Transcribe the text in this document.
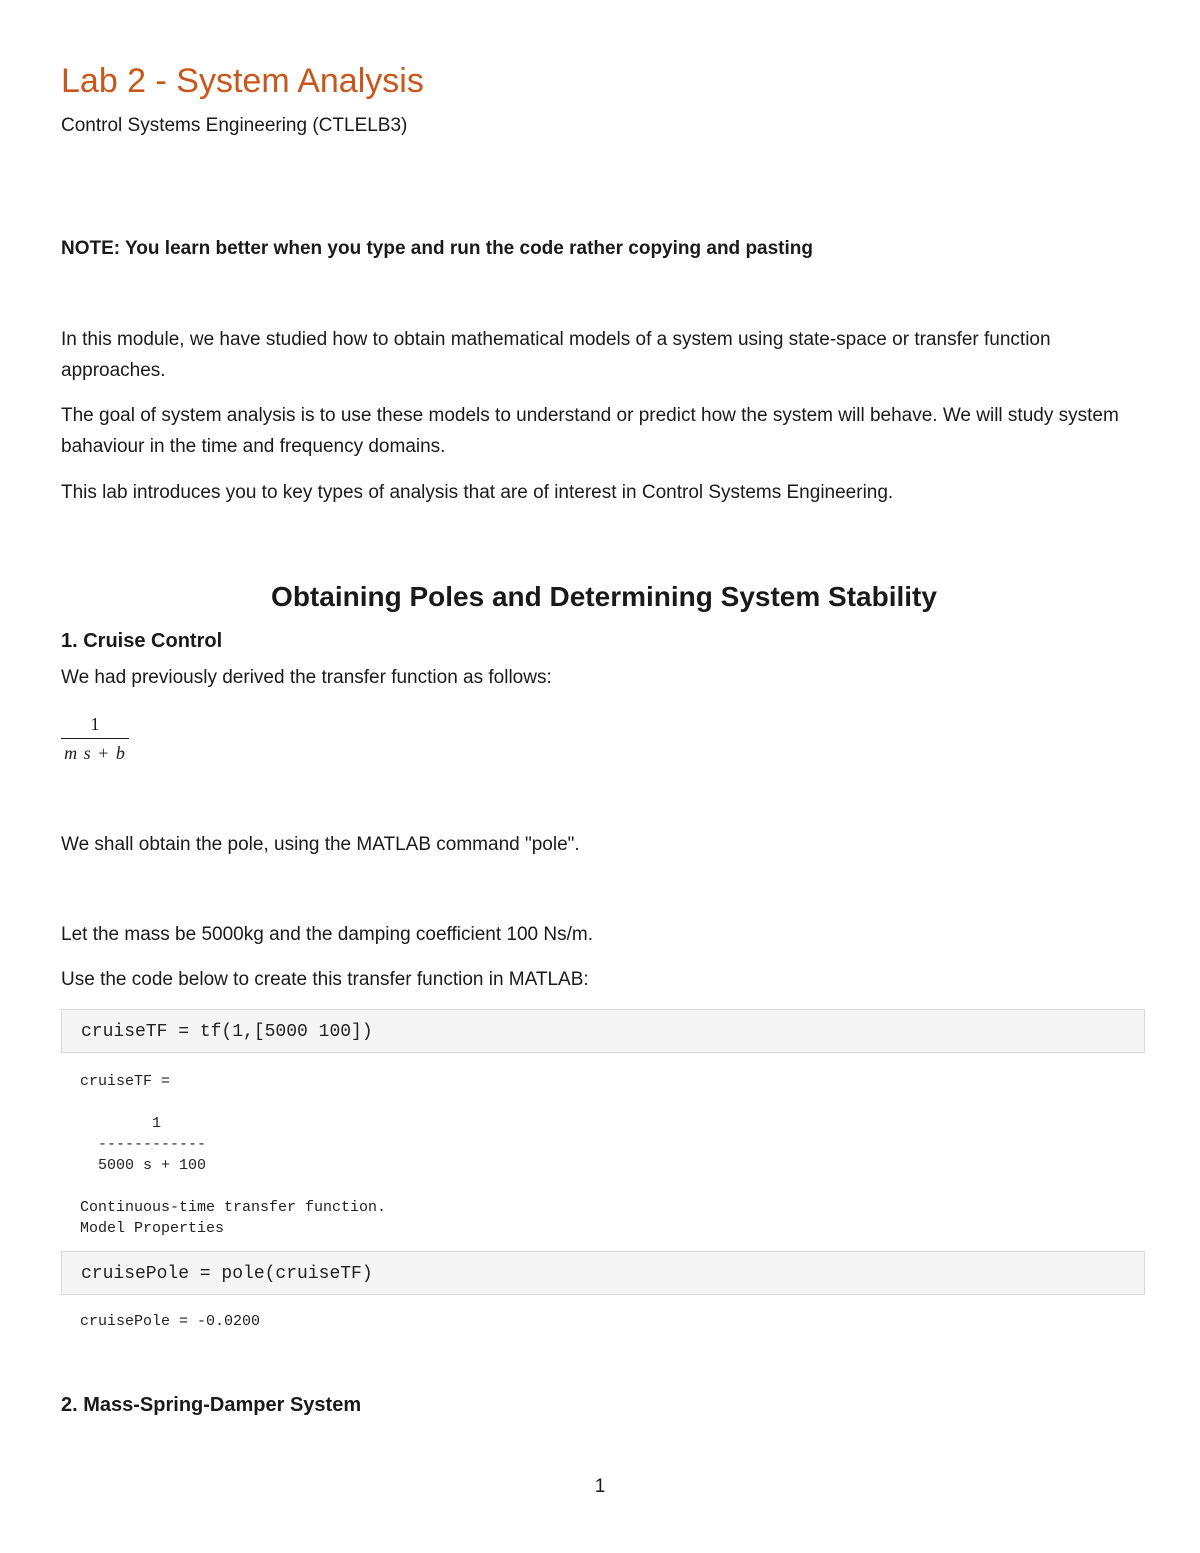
Lab 2 - System Analysis

Control Systems Engineering (CTLELB3)

NOTE: You learn better when you type and run the code rather copying and pasting

In this module, we have studied how to obtain mathematical models of a system using state-space or transfer function approaches.

The goal of system analysis is to use these models to understand or predict how the system will behave. We will study system bahaviour in the time and frequency domains.

This lab introduces you to key types of analysis that are of interest in Control Systems Engineering.

Obtaining Poles and Determining System Stability
1. Cruise Control

We had previously derived the transfer function as follows:

1
m s + b

We shall obtain the pole, using the MATLAB command "pole".

Let the mass be 5000kg and the damping coefficient 100 Ns/m.

Use the code below to create this transfer function in MATLAB:

cruiseTF = tf(1,[5000 100])
cruiseTF =

1
------------
5000 s + 100

Continuous-time transfer function.
Model Properties
cruisePole = pole(cruiseTF)
cruisePole = -0.0200
2. Mass-Spring-Damper System
1
